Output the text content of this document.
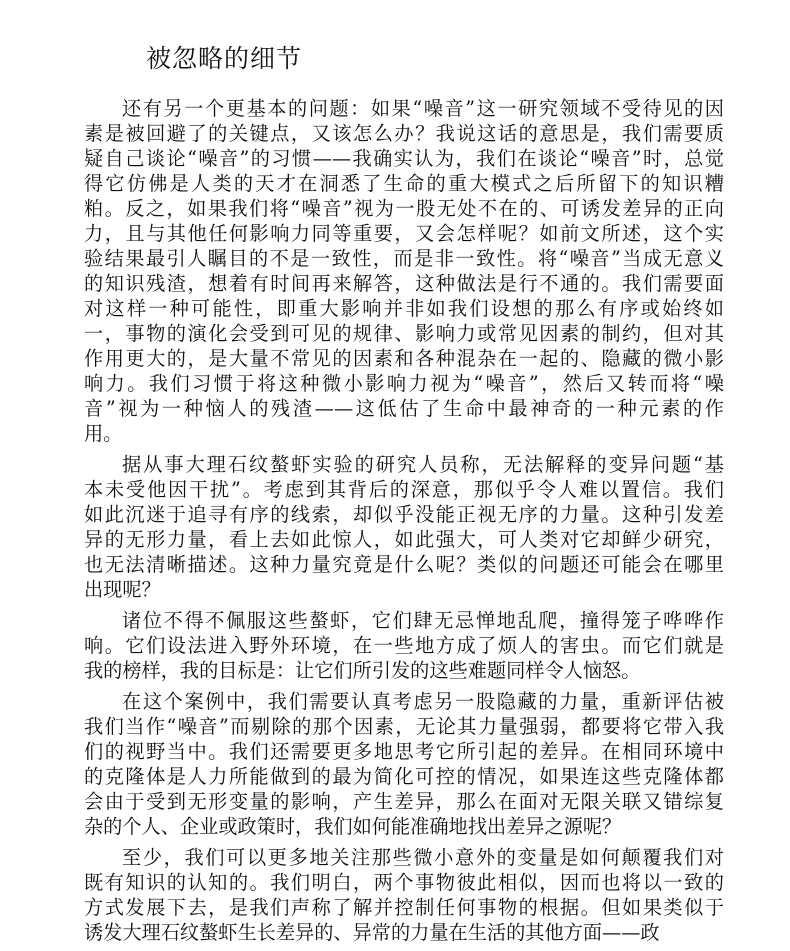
被忽略的细节
还有另一个更基本的问题：如果“噪音”这一研究领域不受待见的因
素是被回避了的关键点，又该怎么办？我说这话的意思是，我们需要质
疑自己谈论“噪音”的习惯——我确实认为，我们在谈论“噪音”时，总觉
得它仿佛是人类的天才在洞悉了生命的重大模式之后所留下的知识糟
粕。反之，如果我们将“噪音”视为一股无处不在的、可诱发差异的正向
力，且与其他任何影响力同等重要，又会怎样呢？如前文所述，这个实
验结果最引人瞩目的不是一致性，而是非一致性。将“噪音”当成无意义
的知识残渣，想着有时间再来解答，这种做法是行不通的。我们需要面
对这样一种可能性，即重大影响并非如我们设想的那么有序或始终如
一，事物的演化会受到可见的规律、影响力或常见因素的制约，但对其
作用更大的，是大量不常见的因素和各种混杂在一起的、隐藏的微小影
响力。我们习惯于将这种微小影响力视为“噪音”，然后又转而将“噪
音”视为一种恼人的残渣——这低估了生命中最神奇的一种元素的作
用。
据从事大理石纹螯虾实验的研究人员称，无法解释的变异问题“基
本未受他因干扰”。考虑到其背后的深意，那似乎令人难以置信。我们
如此沉迷于追寻有序的线索，却似乎没能正视无序的力量。这种引发差
异的无形力量，看上去如此惊人，如此强大，可人类对它却鲜少研究，
也无法清晰描述。这种力量究竟是什么呢？类似的问题还可能会在哪里
出现呢？
诸位不得不佩服这些螯虾，它们肆无忌惮地乱爬，撞得笼子哗哗作
响。它们设法进入野外环境，在一些地方成了烦人的害虫。而它们就是
我的榜样，我的目标是：让它们所引发的这些难题同样令人恼怒。
在这个案例中，我们需要认真考虑另一股隐藏的力量，重新评估被
我们当作“噪音”而剔除的那个因素，无论其力量强弱，都要将它带入我
们的视野当中。我们还需要更多地思考它所引起的差异。在相同环境中
的克隆体是人力所能做到的最为简化可控的情况，如果连这些克隆体都
会由于受到无形变量的影响，产生差异，那么在面对无限关联又错综复
杂的个人、企业或政策时，我们如何能准确地找出差异之源呢？
至少，我们可以更多地关注那些微小意外的变量是如何颠覆我们对
既有知识的认知的。我们明白，两个事物彼此相似，因而也将以一致的
方式发展下去，是我们声称了解并控制任何事物的根据。但如果类似于
诱发大理石纹螯虾生长差异的、异常的力量在生活的其他方面——政
